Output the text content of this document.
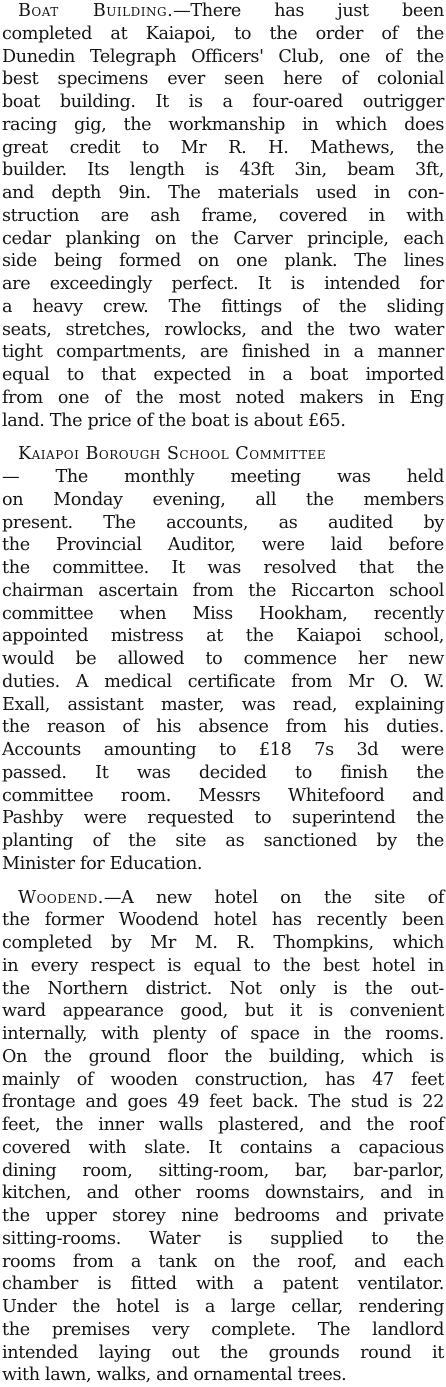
Boat Building.—There has just been
completed at Kaiapoi, to the order of the
Dunedin Telegraph Officers' Club, one of the
best specimens ever seen here of colonial
boat building. It is a four-oared outrigger
racing gig, the workmanship in which does
great credit to Mr R. H. Mathews, the
builder. Its length is 43ft 3in, beam 3ft,
and depth 9in. The materials used in con-
struction are ash frame, covered in with
cedar planking on the Carver principle, each
side being formed on one plank. The lines
are exceedingly perfect. It is intended for
a heavy crew. The fittings of the sliding
seats, stretches, rowlocks, and the two water
tight compartments, are finished in a manner
equal to that expected in a boat imported
from one of the most noted makers in Eng
land. The price of the boat is about £65.
Kaiapoi Borough School Committee
— The monthly meeting was held
on Monday evening, all the members
present. The accounts, as audited by
the Provincial Auditor, were laid before
the committee. It was resolved that the
chairman ascertain from the Riccarton school
committee when Miss Hookham, recently
appointed mistress at the Kaiapoi school,
would be allowed to commence her new
duties. A medical certificate from Mr O. W.
Exall, assistant master, was read, explaining
the reason of his absence from his duties.
Accounts amounting to £18 7s 3d were
passed. It was decided to finish the
committee room. Messrs Whitefoord and
Pashby were requested to superintend the
planting of the site as sanctioned by the
Minister for Education.
Woodend.—A new hotel on the site of
the former Woodend hotel has recently been
completed by Mr M. R. Thompkins, which
in every respect is equal to the best hotel in
the Northern district. Not only is the out-
ward appearance good, but it is convenient
internally, with plenty of space in the rooms.
On the ground floor the building, which is
mainly of wooden construction, has 47 feet
frontage and goes 49 feet back. The stud is 22
feet, the inner walls plastered, and the roof
covered with slate. It contains a capacious
dining room, sitting-room, bar, bar-parlor,
kitchen, and other rooms downstairs, and in
the upper storey nine bedrooms and private
sitting-rooms. Water is supplied to the
rooms from a tank on the roof, and each
chamber is fitted with a patent ventilator.
Under the hotel is a large cellar, rendering
the premises very complete. The landlord
intended laying out the grounds round it
with lawn, walks, and ornamental trees.
